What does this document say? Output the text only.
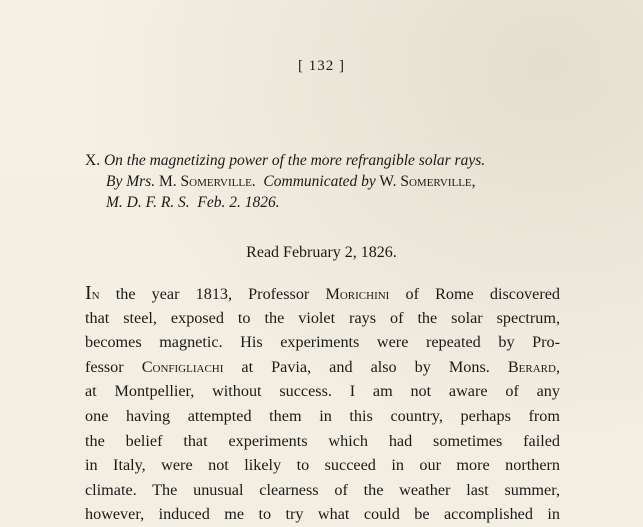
[ 132 ]
X. On the magnetizing power of the more refrangible solar rays.
By Mrs. M. Somerville. Communicated by W. Somerville,
M. D. F. R. S. Feb. 2. 1826.
Read February 2, 1826.
In the year 1813, Professor Morichini of Rome discovered
that steel, exposed to the violet rays of the solar spectrum,
becomes magnetic. His experiments were repeated by Pro-
fessor Configliachi at Pavia, and also by Mons. Berard,
at Montpellier, without success. I am not aware of any
one having attempted them in this country, perhaps from
the belief that experiments which had sometimes failed
in Italy, were not likely to succeed in our more northern
climate. The unusual clearness of the weather last summer,
however, induced me to try what could be accomplished in
